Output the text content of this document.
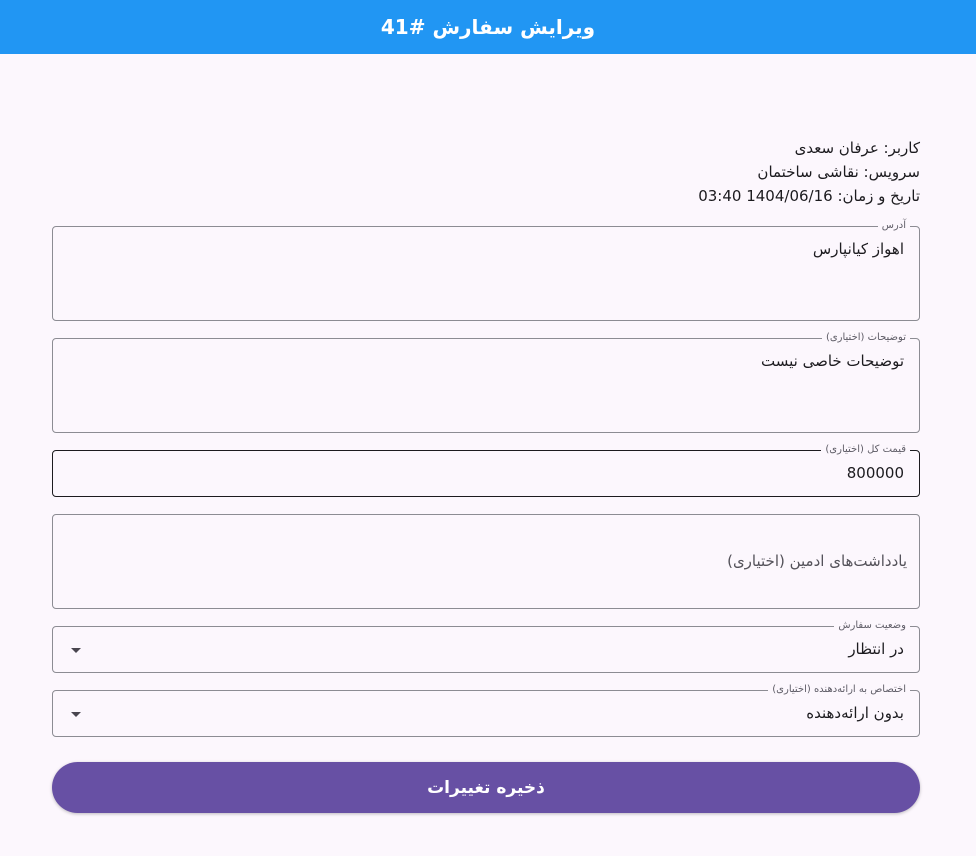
ویرایش سفارش #41
کاربر: عرفان سعدی
سرویس: نقاشی ساختمان
تاریخ و زمان: 1404/06/16 03:40
آدرس
اهواز کیانپارس
توضیحات (اختیاری)
توضیحات خاصی نیست
قیمت کل (اختیاری)
800000
یادداشت‌های ادمین (اختیاری)
وضعیت سفارش
در انتظار
اختصاص به ارائه‌دهنده (اختیاری)
بدون ارائه‌دهنده
ذخیره تغییرات
